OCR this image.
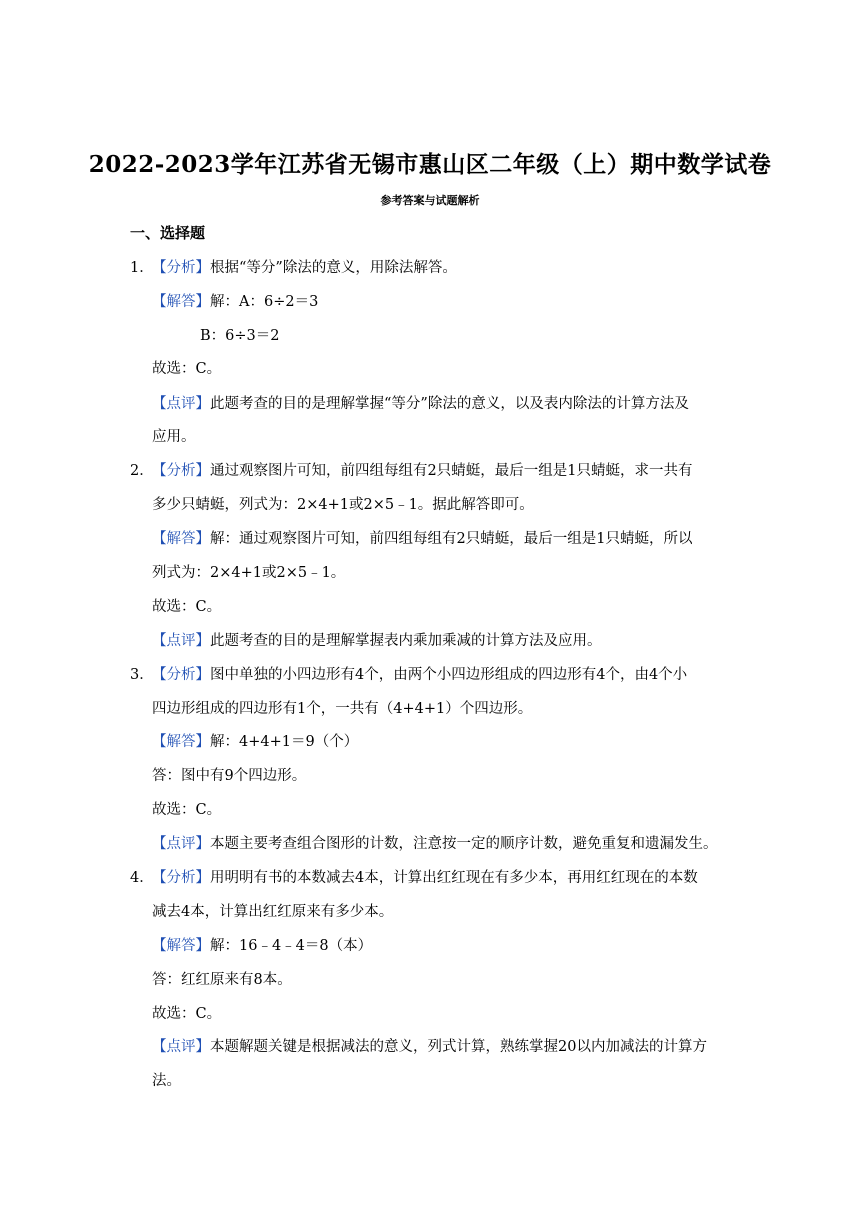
2022-2023学年江苏省无锡市惠山区二年级（上）期中数学试卷
参考答案与试题解析
一、选择题
1．
【分析】根据“等分”除法的意义，用除法解答。
【解答】解：A：6÷2＝3
B：6÷3＝2
故选：C。
【点评】此题考查的目的是理解掌握“等分”除法的意义，以及表内除法的计算方法及
应用。
2．
【分析】通过观察图片可知，前四组每组有2只蜻蜓，最后一组是1只蜻蜓，求一共有
多少只蜻蜓，列式为：2×4+1或2×5﹣1。据此解答即可。
【解答】解：通过观察图片可知，前四组每组有2只蜻蜓，最后一组是1只蜻蜓，所以
列式为：2×4+1或2×5﹣1。
故选：C。
【点评】此题考查的目的是理解掌握表内乘加乘减的计算方法及应用。
3．
【分析】图中单独的小四边形有4个，由两个小四边形组成的四边形有4个，由4个小
四边形组成的四边形有1个，一共有（4+4+1）个四边形。
【解答】解：4+4+1＝9（个）
答：图中有9个四边形。
故选：C。
【点评】本题主要考查组合图形的计数，注意按一定的顺序计数，避免重复和遗漏发生。
4．
【分析】用明明有书的本数减去4本，计算出红红现在有多少本，再用红红现在的本数
减去4本，计算出红红原来有多少本。
【解答】解：16﹣4﹣4＝8（本）
答：红红原来有8本。
故选：C。
【点评】本题解题关键是根据减法的意义，列式计算，熟练掌握20以内加减法的计算方
法。
